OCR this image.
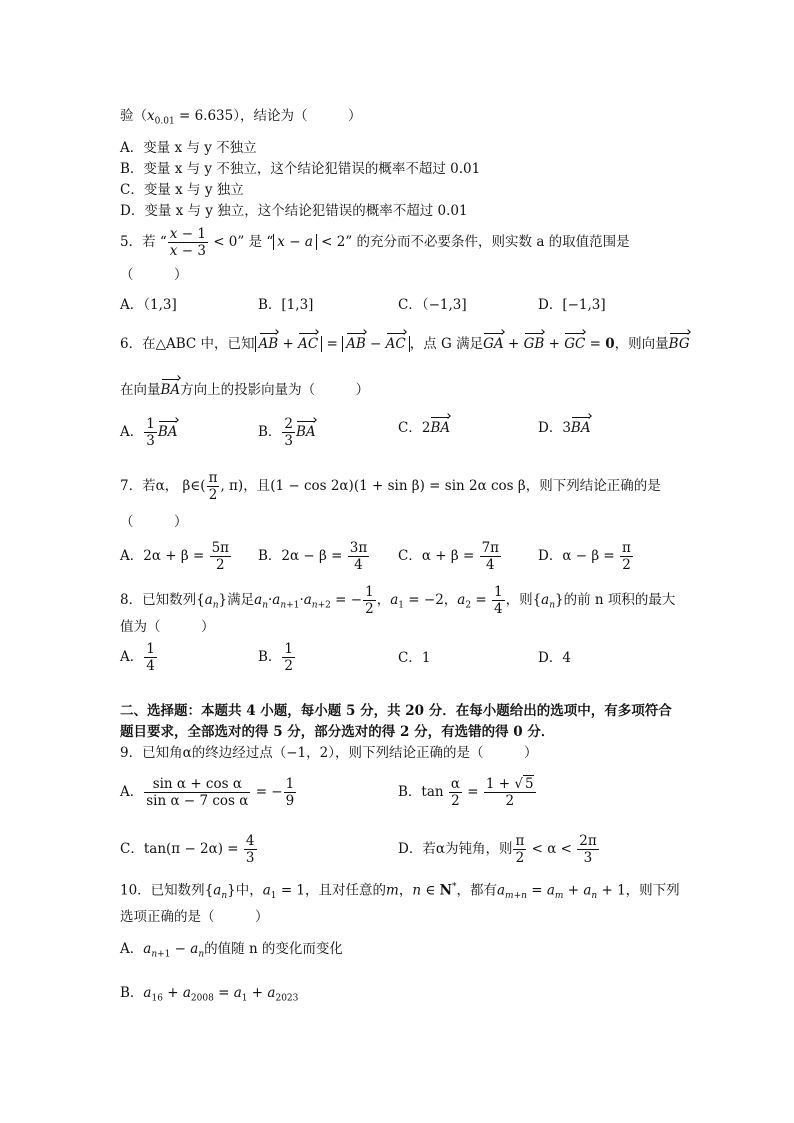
验$(x_{0.01} = 6.635)$，结论为（　　　）
A．变量 x 与 y 不独立
B．变量 x 与 y 不独立，这个结论犯错误的概率不超过 0.01
C．变量 x 与 y 独立
D．变量 x 与 y 独立，这个结论犯错误的概率不超过 0.01
5．若 “ $\frac{x - 1}{x - 3} < 0$” 是 “ x − a < 2” 的充分而不必要条件，则实数 a 的取值范围是
（　　　）
A．（1,3]	B．[1,3]	C．（−1,3]	D．[−1,3]
6．在△ABC 中，已知 AB + AC = AB − AC ，点 G 满足GA + GB + GC = 0，则向量BG
在向量BA方向上的投影向量为（　　　）
A． $\frac{1}{3}$ BA	B． $\frac{2}{3}$ BA	C．2BA	D．3BA
7．若α， β∈( $\frac{\pi}{2}$ , π)，且(1 − cos 2α)(1 + sin β) = sin 2α cos β，则下列结论正确的是
（　　　）
A．$2\alpha + \beta = \frac{5\pi}{2}$ B．$2\alpha - \beta = \frac{3\pi}{4}$ C．$\alpha + \beta = \frac{7\pi}{4}$	D．$\alpha - \beta = \frac{\pi}{2}$
8．已知数列$\{a_n\}$满足$a_n\cdot a_{n+1}\cdot a_{n+2}$ = − $\frac{1}{2}$ ，$a_1 = -2$，$a_2 = \frac{1}{4}$ ，则$\{a_n\}$的前 n 项积的最大
值为（　　　）
A． $\frac{1}{4}$	B． $\frac{1}{2}$	C．1	D．4
二、选择题：本题共 4 小题，每小题 5 分，共 20 分．在每小题给出的选项中，有多项符合
题目要求，全部选对的得 5 分，部分选对的得 2 分，有选错的得 0 分．
9．已知角α的终边经过点（−1，2），则下列结论正确的是（　　　）
A． $\frac{\text{sin α + cos α}}{\text{sin α − 7 cos α}}$ = − $\frac{1}{9}$	B．$\tan \frac{\alpha}{2} = \frac{1 + √ 5}{2}$
C．$\tan(\pi - 2\alpha) = \frac{4}{3}$	D．若α为钝角，则 $\frac{\pi}{2} < \alpha < \frac{2\pi}{3}$
10．已知数列$\{a_n\}$中，$a_1 = 1$，且对任意的m，n ∈ N*，都有$a_{m+n} = a_m + a_n + 1$，则下列
选项正确的是（　　　）
A．$a_{n+1} - a_n$的值随 n 的变化而变化
B．$a_{16} + a_{2008} = a_1 + a_{2023}$
